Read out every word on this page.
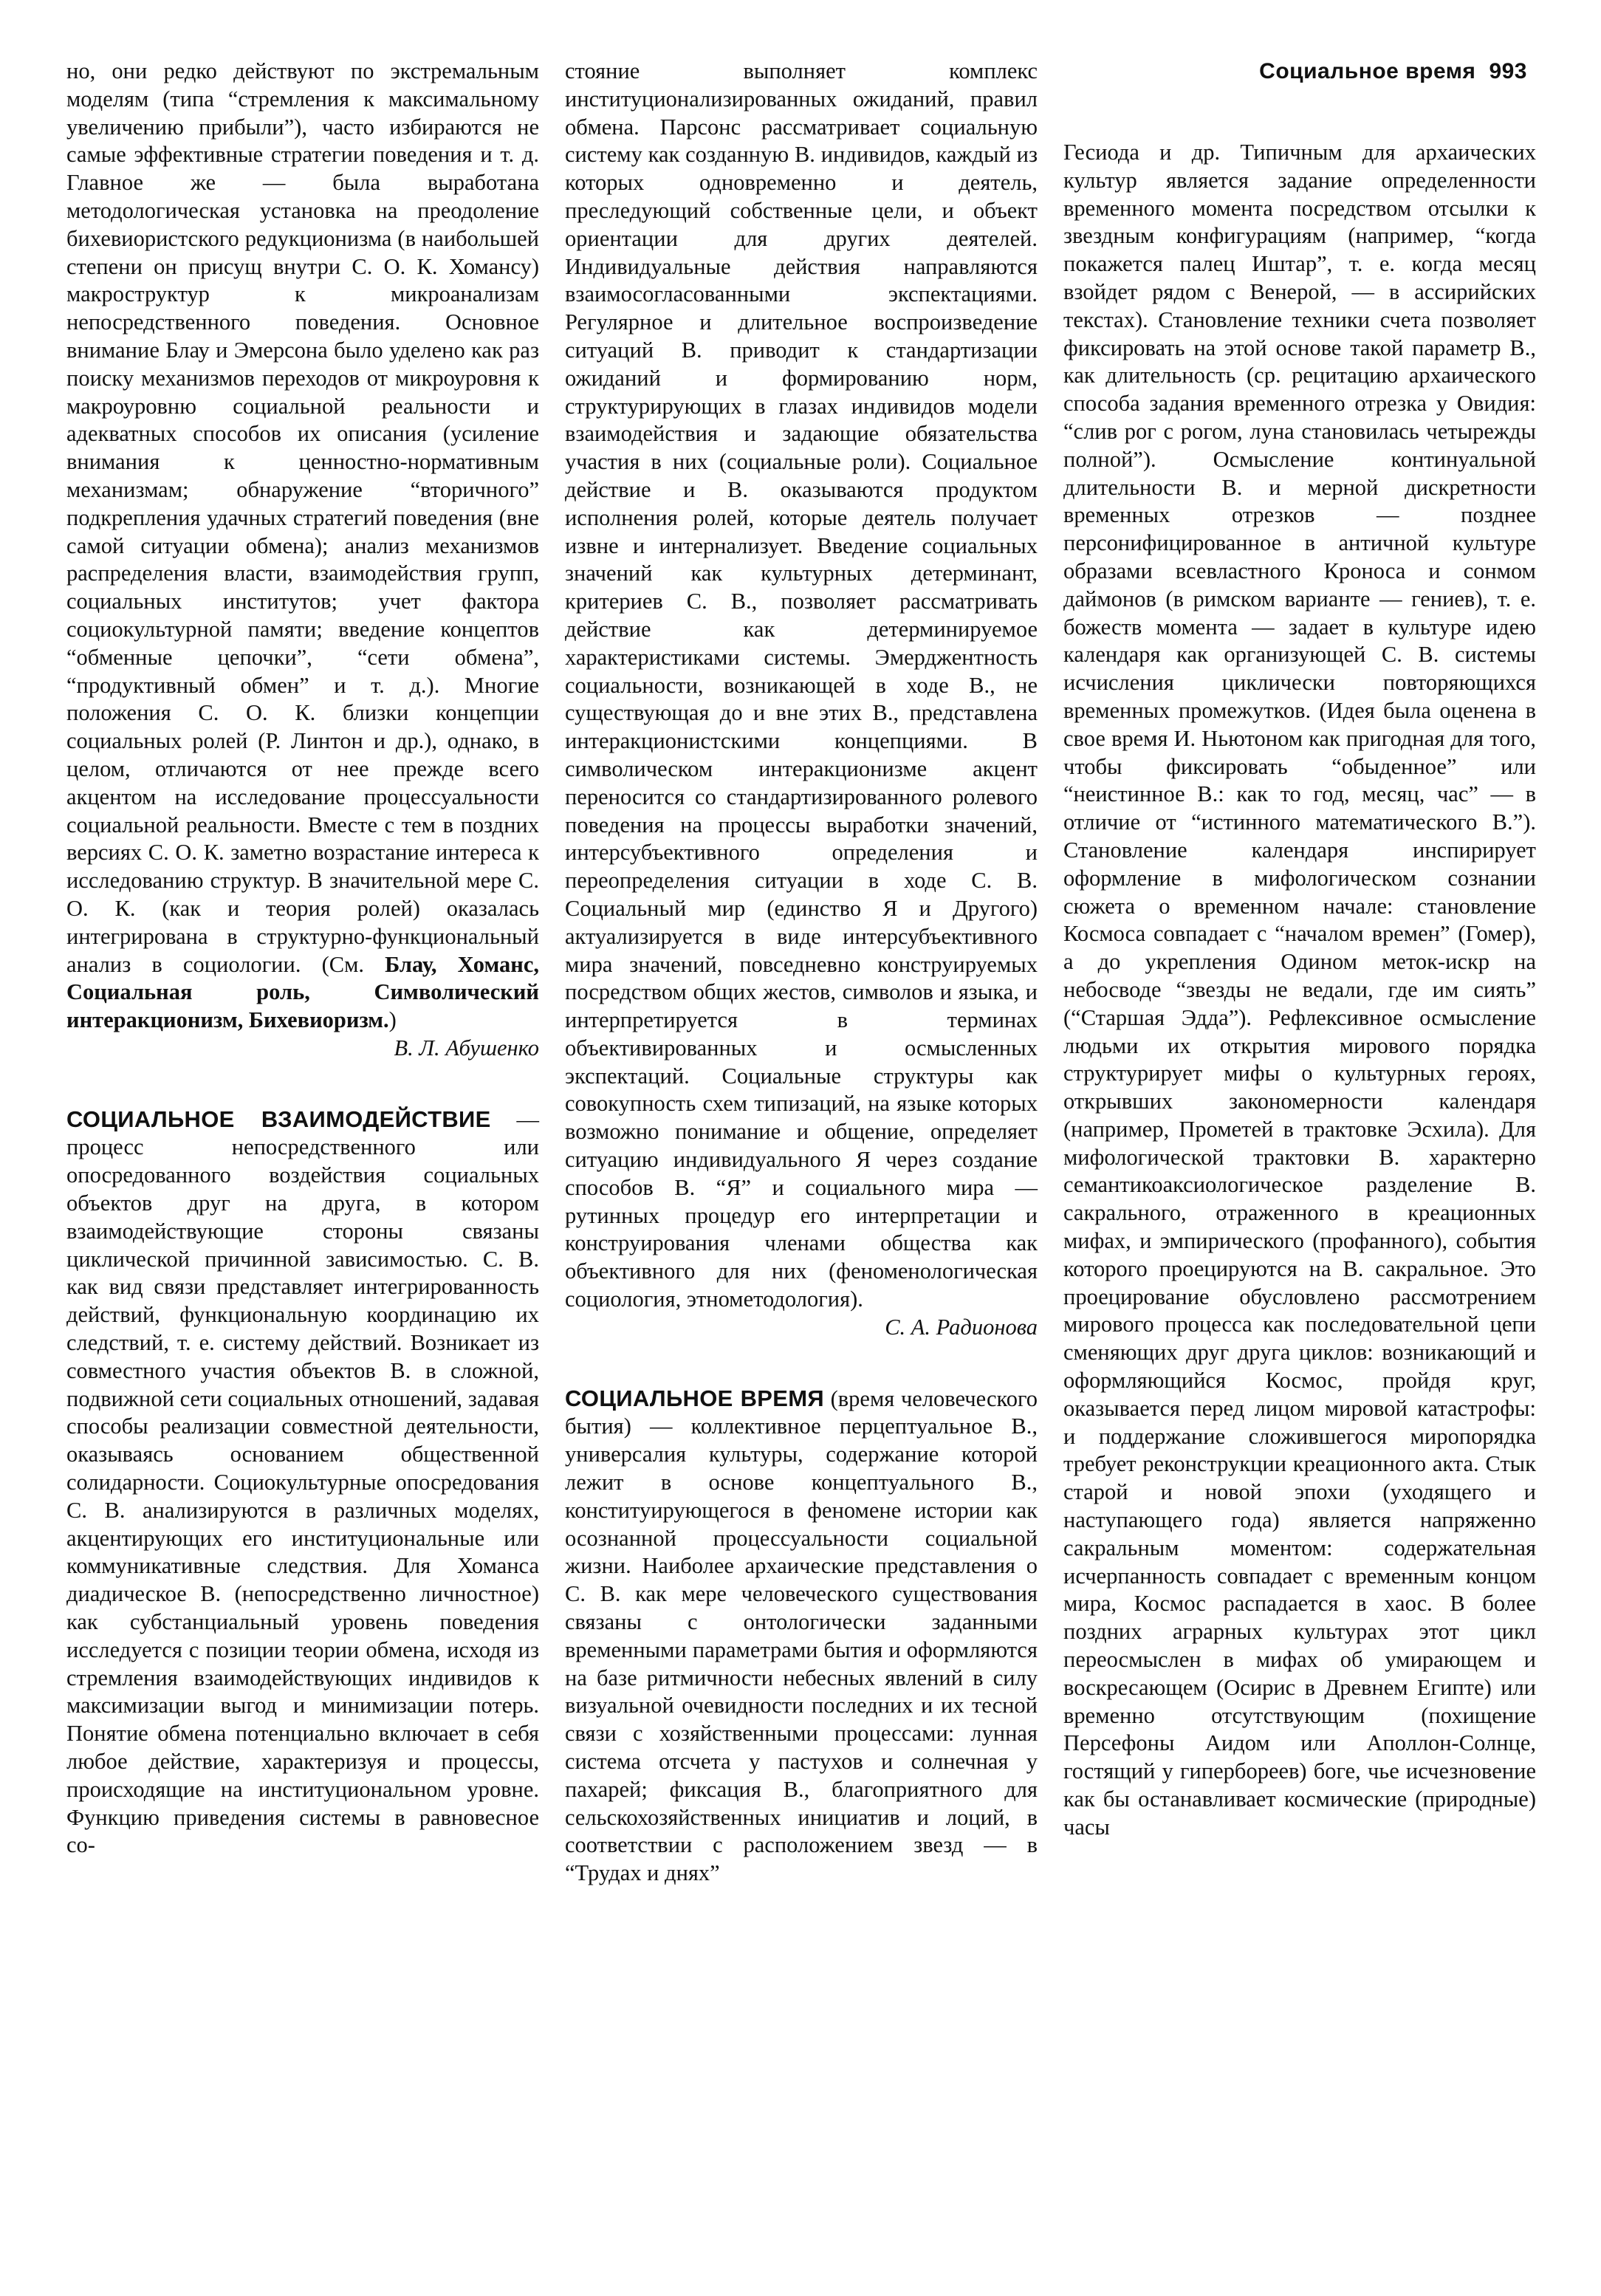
Социальное время 993

но, они редко действуют по экстремальным моделям (типа “стремления к максимальному увеличению прибыли”), часто избираются не самые эффективные стратегии поведения и т. д. Главное же — была выработана методологическая установка на преодоление бихевиористского редукционизма (в наибольшей степени он присущ внутри С. О. К. Хомансу) макроструктур к микроанализам непосредственного поведения. Основное внимание Блау и Эмерсона было уделено как раз поиску механизмов переходов от микроуровня к макроуровню социальной реальности и адекватных способов их описания (усиление внимания к ценностно-нормативным механизмам; обнаружение “вторичного” подкрепления удачных стратегий поведения (вне самой ситуации обмена); анализ механизмов распределения власти, взаимодействия групп, социальных институтов; учет фактора социокультурной памяти; введение концептов “обменные цепочки”, “сети обмена”, “продуктивный обмен” и т. д.). Многие положения С. О. К. близки концепции социальных ролей (Р. Линтон и др.), однако, в целом, отличаются от нее прежде всего акцентом на исследование процессуальности социальной реальности. Вместе с тем в поздних версиях С. О. К. заметно возрастание интереса к исследованию структур. В значительной мере С. О. К. (как и теория ролей) оказалась интегрирована в структурно-функциональный анализ в социологии. (См. Блау, Хоманс, Социальная роль, Символический интеракционизм, Бихевиоризм.)

В. Л. Абушенко

СОЦИАЛЬНОЕ ВЗАИМОДЕЙСТВИЕ — процесс непосредственного или опосредованного воздействия социальных объектов друг на друга, в котором взаимодействующие стороны связаны циклической причинной зависимостью. С. В. как вид связи представляет интегрированность действий, функциональную координацию их следствий, т. е. систему действий. Возникает из совместного участия объектов В. в сложной, подвижной сети социальных отношений, задавая способы реализации совместной деятельности, оказываясь основанием общественной солидарности. Социокультурные опосредования С. В. анализируются в различных моделях, акцентирующих его институциональные или коммуникативные следствия. Для Хоманса диадическое В. (непосредственно личностное) как субстанциальный уровень поведения исследуется с позиции теории обмена, исходя из стремления взаимодействующих индивидов к максимизации выгод и минимизации потерь. Понятие обмена потенциально включает в себя любое действие, характеризуя и процессы, происходящие на институциональном уровне. Функцию приведения системы в равновесное со-

стояние выполняет комплекс институционализированных ожиданий, правил обмена. Парсонс рассматривает социальную систему как созданную В. индивидов, каждый из которых одновременно и деятель, преследующий собственные цели, и объект ориентации для других деятелей. Индивидуальные действия направляются взаимосогласованными экспектациями. Регулярное и длительное воспроизведение ситуаций В. приводит к стандартизации ожиданий и формированию норм, структурирующих в глазах индивидов модели взаимодействия и задающие обязательства участия в них (социальные роли). Социальное действие и В. оказываются продуктом исполнения ролей, которые деятель получает извне и интернализует. Введение социальных значений как культурных детерминант, критериев С. В., позволяет рассматривать действие как детерминируемое характеристиками системы. Эмерджентность социальности, возникающей в ходе В., не существующая до и вне этих В., представлена интеракционистскими концепциями. В символическом интеракционизме акцент переносится со стандартизированного ролевого поведения на процессы выработки значений, интерсубъективного определения и переопределения ситуации в ходе С. В. Социальный мир (единство Я и Другого) актуализируется в виде интерсубъективного мира значений, повседневно конструируемых посредством общих жестов, символов и языка, и интерпретируется в терминах объективированных и осмысленных экспектаций. Социальные структуры как совокупность схем типизаций, на языке которых возможно понимание и общение, определяет ситуацию индивидуального Я через создание способов В. “Я” и социального мира — рутинных процедур его интерпретации и конструирования членами общества как объективного для них (феноменологическая социология, этнометодология).

С. А. Радионова

СОЦИАЛЬНОЕ ВРЕМЯ (время человеческого бытия) — коллективное перцептуальное В., универсалия культуры, содержание которой лежит в основе концептуального В., конституирующегося в феномене истории как осознанной процессуальности социальной жизни. Наиболее архаические представления о С. В. как мере человеческого существования связаны с онтологически заданными временными параметрами бытия и оформляются на базе ритмичности небесных явлений в силу визуальной очевидности последних и их тесной связи с хозяйственными процессами: лунная система отсчета у пастухов и солнечная у пахарей; фиксация В., благоприятного для сельскохозяйственных инициатив и лоций, в соответствии с расположением звезд — в “Трудах и днях”

Гесиода и др. Типичным для архаических культур является задание определенности временного момента посредством отсылки к звездным конфигурациям (например, “когда покажется палец Иштар”, т. е. когда месяц взойдет рядом с Венерой, — в ассирийских текстах). Становление техники счета позволяет фиксировать на этой основе такой параметр В., как длительность (ср. рецитацию архаического способа задания временного отрезка у Овидия: “слив рог с рогом, луна становилась четырежды полной”). Осмысление континуальной длительности В. и мерной дискретности временных отрезков — позднее персонифицированное в античной культуре образами всевластного Кроноса и сонмом даймонов (в римском варианте — гениев), т. е. божеств момента — задает в культуре идею календаря как организующей С. В. системы исчисления циклически повторяющихся временных промежутков. (Идея была оценена в свое время И. Ньютоном как пригодная для того, чтобы фиксировать “обыденное” или “неистинное В.: как то год, месяц, час” — в отличие от “истинного математического В.”). Становление календаря инспирирует оформление в мифологическом сознании сюжета о временном начале: становление Космоса совпадает с “началом времен” (Гомер), а до укрепления Одином меток-искр на небосводе “звезды не ведали, где им сиять” (“Старшая Эдда”). Рефлексивное осмысление людьми их открытия мирового порядка структурирует мифы о культурных героях, открывших закономерности календаря (например, Прометей в трактовке Эсхила). Для мифологической трактовки В. характерно семантикоаксиологическое разделение В. сакрального, отраженного в креационных мифах, и эмпирического (профанного), события которого проецируются на В. сакральное. Это проецирование обусловлено рассмотрением мирового процесса как последовательной цепи сменяющих друг друга циклов: возникающий и оформляющийся Космос, пройдя круг, оказывается перед лицом мировой катастрофы: и поддержание сложившегося миропорядка требует реконструкции креационного акта. Стык старой и новой эпохи (уходящего и наступающего года) является напряженно сакральным моментом: содержательная исчерпанность совпадает с временным концом мира, Космос распадается в хаос. В более поздних аграрных культурах этот цикл переосмыслен в мифах об умирающем и воскресающем (Осирис в Древнем Египте) или временно отсутствующим (похищение Персефоны Аидом или Аполлон-Солнце, гостящий у гипербореев) боге, чье исчезновение как бы останавливает космические (природные) часы
